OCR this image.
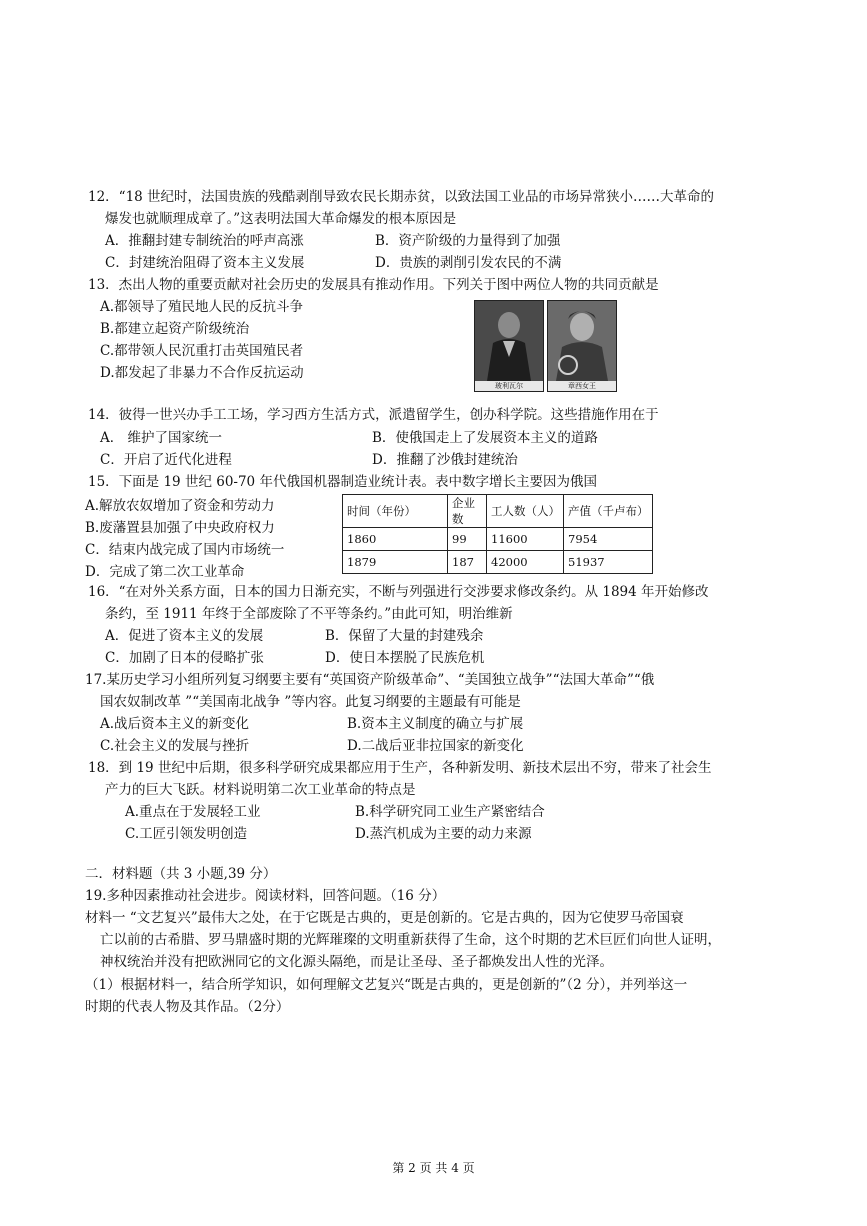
12．“18 世纪时，法国贵族的残酷剥削导致农民长期赤贫，以致法国工业品的市场异常狭小……大革命的
爆发也就顺理成章了。”这表明法国大革命爆发的根本原因是
A．推翻封建专制统治的呼声高涨	B．资产阶级的力量得到了加强
C．封建统治阻碍了资本主义发展	D．贵族的剥削引发农民的不满
13．杰出人物的重要贡献对社会历史的发展具有推动作用。下列关于图中两位人物的共同贡献是
A.都领导了殖民地人民的反抗斗争
B.都建立起资产阶级统治
C.都带领人民沉重打击英国殖民者
D.都发起了非暴力不合作反抗运动
玻利瓦尔	章西女王
14．彼得一世兴办手工工场，学习西方生活方式，派遣留学生，创办科学院。这些措施作用在于
A． 维护了国家统一	B．使俄国走上了发展资本主义的道路
C．开启了近代化进程	D．推翻了沙俄封建统治
15．下面是 19 世纪 60-70 年代俄国机器制造业统计表。表中数字增长主要因为俄国
A.解放农奴增加了资金和劳动力
B.废藩置县加强了中央政府权力
C．结束内战完成了国内市场统一
D．完成了第二次工业革命
时间（年份）	企业数	工人数（人）	产值（千卢布）
1860	99	11600	7954
1879	187	42000	51937
16．“在对外关系方面，日本的国力日渐充实，不断与列强进行交涉要求修改条约。从 1894 年开始修改
条约，至 1911 年终于全部废除了不平等条约。”由此可知，明治维新
A．促进了资本主义的发展	B．保留了大量的封建残余
C．加剧了日本的侵略扩张	D．使日本摆脱了民族危机
17.某历史学习小组所列复习纲要主要有“英国资产阶级革命”、“美国独立战争”“法国大革命”“俄
国农奴制改革 ”“美国南北战争 ”等内容。此复习纲要的主题最有可能是
A.战后资本主义的新变化	B.资本主义制度的确立与扩展
C.社会主义的发展与挫折	D.二战后亚非拉国家的新变化
18．到 19 世纪中后期，很多科学研究成果都应用于生产，各种新发明、新技术层出不穷，带来了社会生
产力的巨大飞跃。材料说明第二次工业革命的特点是
A.重点在于发展轻工业	B.科学研究同工业生产紧密结合
C.工匠引领发明创造	D.蒸汽机成为主要的动力来源
二．材料题（共 3 小题,39 分）
19.多种因素推动社会进步。阅读材料，回答问题。（16 分）
材料一 “文艺复兴”最伟大之处，在于它既是古典的，更是创新的。它是古典的，因为它使罗马帝国衰
亡以前的古希腊、罗马鼎盛时期的光辉璀璨的文明重新获得了生命，这个时期的艺术巨匠们向世人证明，
神权统治并没有把欧洲同它的文化源头隔绝，而是让圣母、圣子都焕发出人性的光泽。
（1）根据材料一，结合所学知识，如何理解文艺复兴“既是古典的，更是创新的”（2 分），并列举这一
时期的代表人物及其作品。（2分）
第 2 页 共 4 页
